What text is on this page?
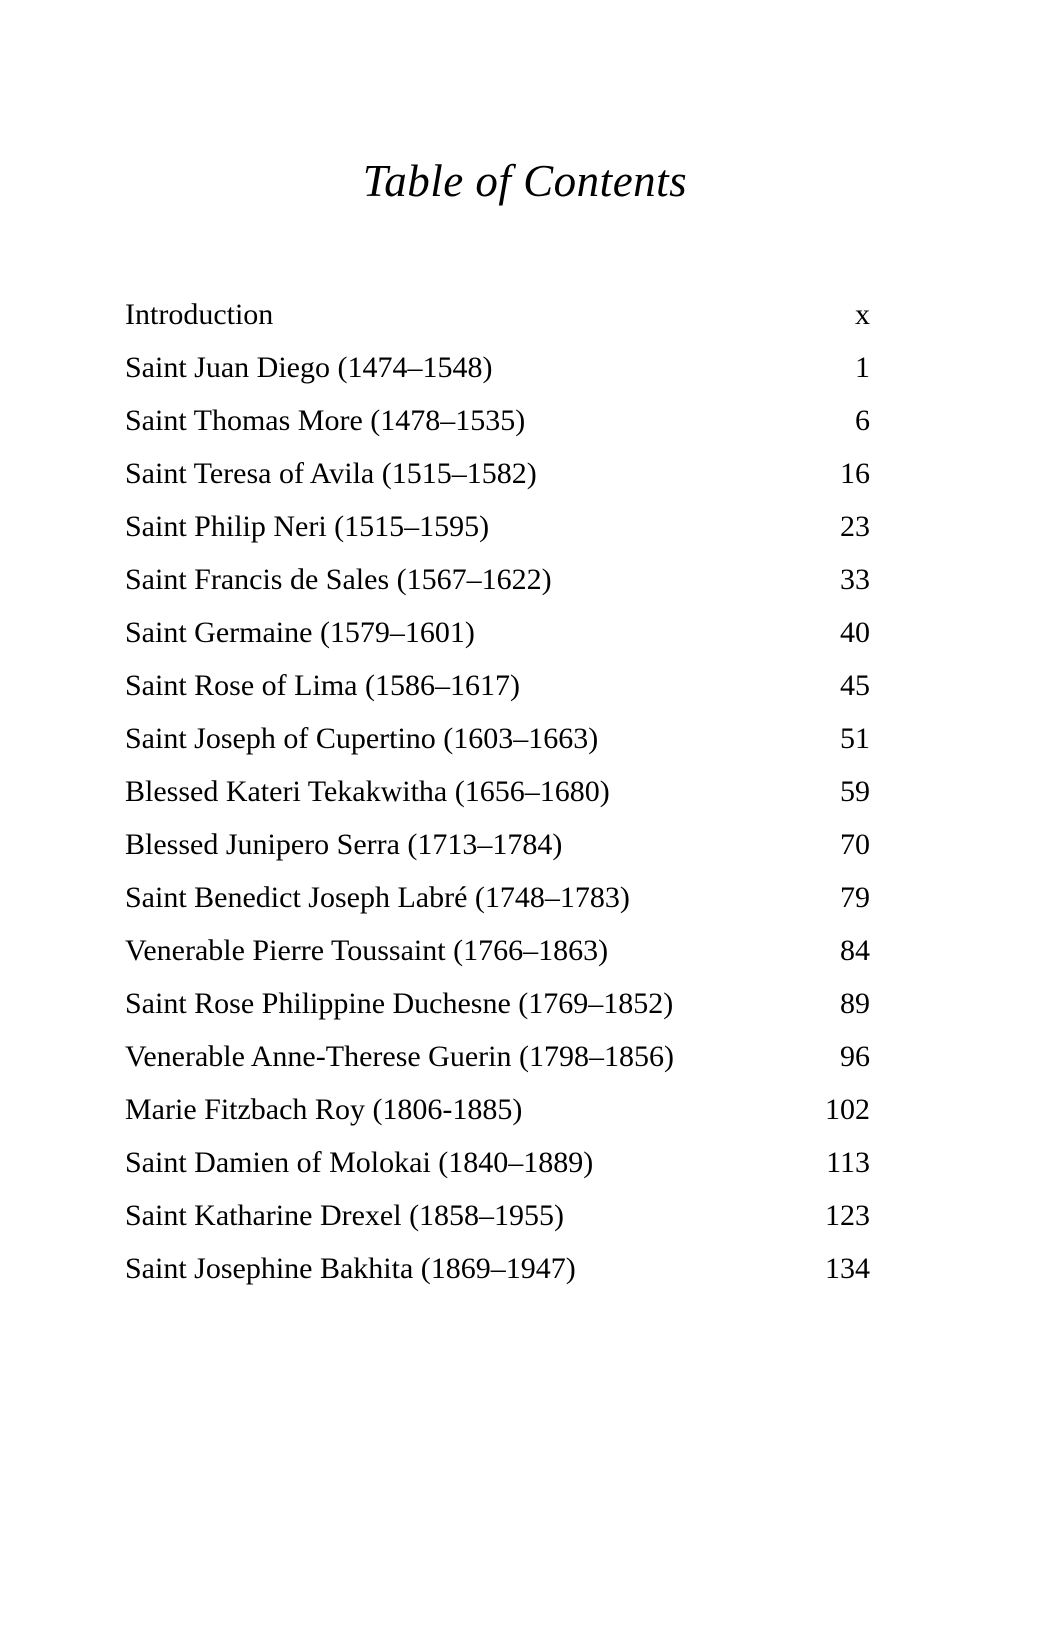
Table of Contents
Introduction	x
Saint Juan Diego (1474–1548)	1
Saint Thomas More (1478–1535)	6
Saint Teresa of Avila (1515–1582)	16
Saint Philip Neri (1515–1595)	23
Saint Francis de Sales (1567–1622)	33
Saint Germaine (1579–1601)	40
Saint Rose of Lima (1586–1617)	45
Saint Joseph of Cupertino (1603–1663)	51
Blessed Kateri Tekakwitha (1656–1680)	59
Blessed Junipero Serra (1713–1784)	70
Saint Benedict Joseph Labré (1748–1783)	79
Venerable Pierre Toussaint (1766–1863)	84
Saint Rose Philippine Duchesne (1769–1852)	89
Venerable Anne-Therese Guerin (1798–1856)	96
Marie Fitzbach Roy (1806-1885)	102
Saint Damien of Molokai (1840–1889)	113
Saint Katharine Drexel (1858–1955)	123
Saint Josephine Bakhita (1869–1947)	134
